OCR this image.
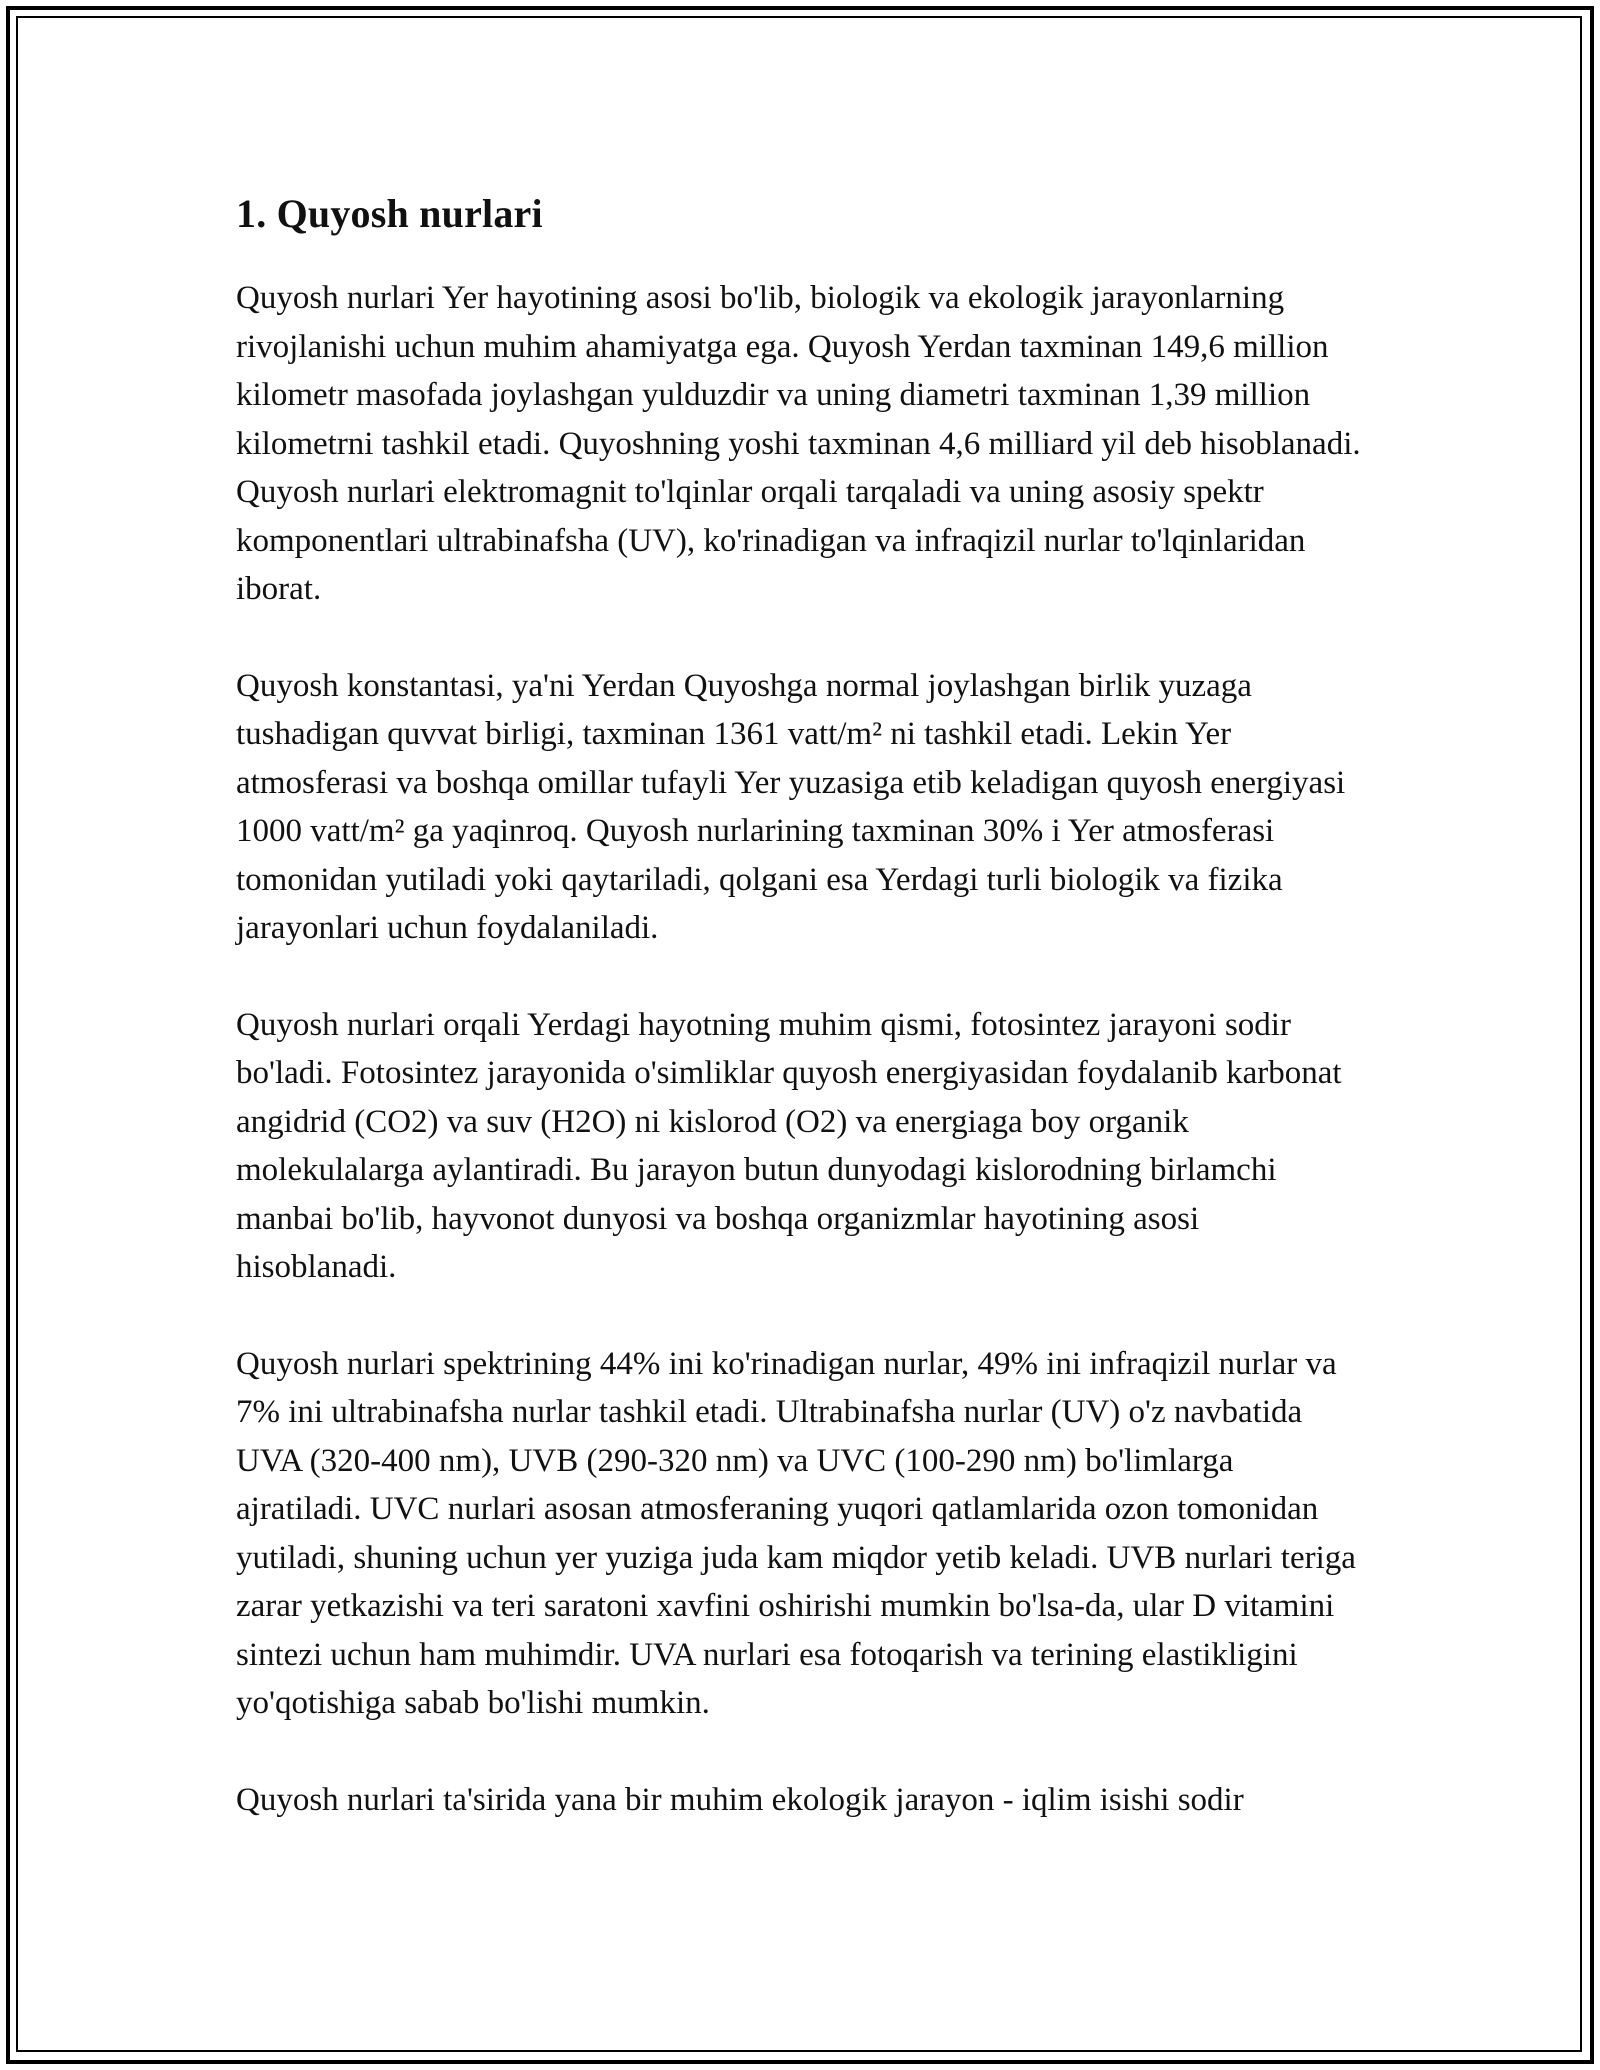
1. Quyosh nurlari

Quyosh nurlari Yer hayotining asosi bo'lib, biologik va ekologik jarayonlarning rivojlanishi uchun muhim ahamiyatga ega. Quyosh Yerdan taxminan 149,6 million kilometr masofada joylashgan yulduzdir va uning diametri taxminan 1,39 million kilometrni tashkil etadi. Quyoshning yoshi taxminan 4,6 milliard yil deb hisoblanadi. Quyosh nurlari elektromagnit to'lqinlar orqali tarqaladi va uning asosiy spektr komponentlari ultrabinafsha (UV), ko'rinadigan va infraqizil nurlar to'lqinlaridan iborat.

Quyosh konstantasi, ya'ni Yerdan Quyoshga normal joylashgan birlik yuzaga tushadigan quvvat birligi, taxminan 1361 vatt/m² ni tashkil etadi. Lekin Yer atmosferasi va boshqa omillar tufayli Yer yuzasiga etib keladigan quyosh energiyasi 1000 vatt/m² ga yaqinroq. Quyosh nurlarining taxminan 30% i Yer atmosferasi tomonidan yutiladi yoki qaytariladi, qolgani esa Yerdagi turli biologik va fizika jarayonlari uchun foydalaniladi.

Quyosh nurlari orqali Yerdagi hayotning muhim qismi, fotosintez jarayoni sodir bo'ladi. Fotosintez jarayonida o'simliklar quyosh energiyasidan foydalanib karbonat angidrid (CO2) va suv (H2O) ni kislorod (O2) va energiaga boy organik molekulalarga aylantiradi. Bu jarayon butun dunyodagi kislorodning birlamchi manbai bo'lib, hayvonot dunyosi va boshqa organizmlar hayotining asosi hisoblanadi.

Quyosh nurlari spektrining 44% ini ko'rinadigan nurlar, 49% ini infraqizil nurlar va 7% ini ultrabinafsha nurlar tashkil etadi. Ultrabinafsha nurlar (UV) o'z navbatida UVA (320-400 nm), UVB (290-320 nm) va UVC (100-290 nm) bo'limlarga ajratiladi. UVC nurlari asosan atmosferaning yuqori qatlamlarida ozon tomonidan yutiladi, shuning uchun yer yuziga juda kam miqdor yetib keladi. UVB nurlari teriga zarar yetkazishi va teri saratoni xavfini oshirishi mumkin bo'lsa-da, ular D vitamini sintezi uchun ham muhimdir. UVA nurlari esa fotoqarish va terining elastikligini yo'qotishiga sabab bo'lishi mumkin.

Quyosh nurlari ta'sirida yana bir muhim ekologik jarayon - iqlim isishi sodir
